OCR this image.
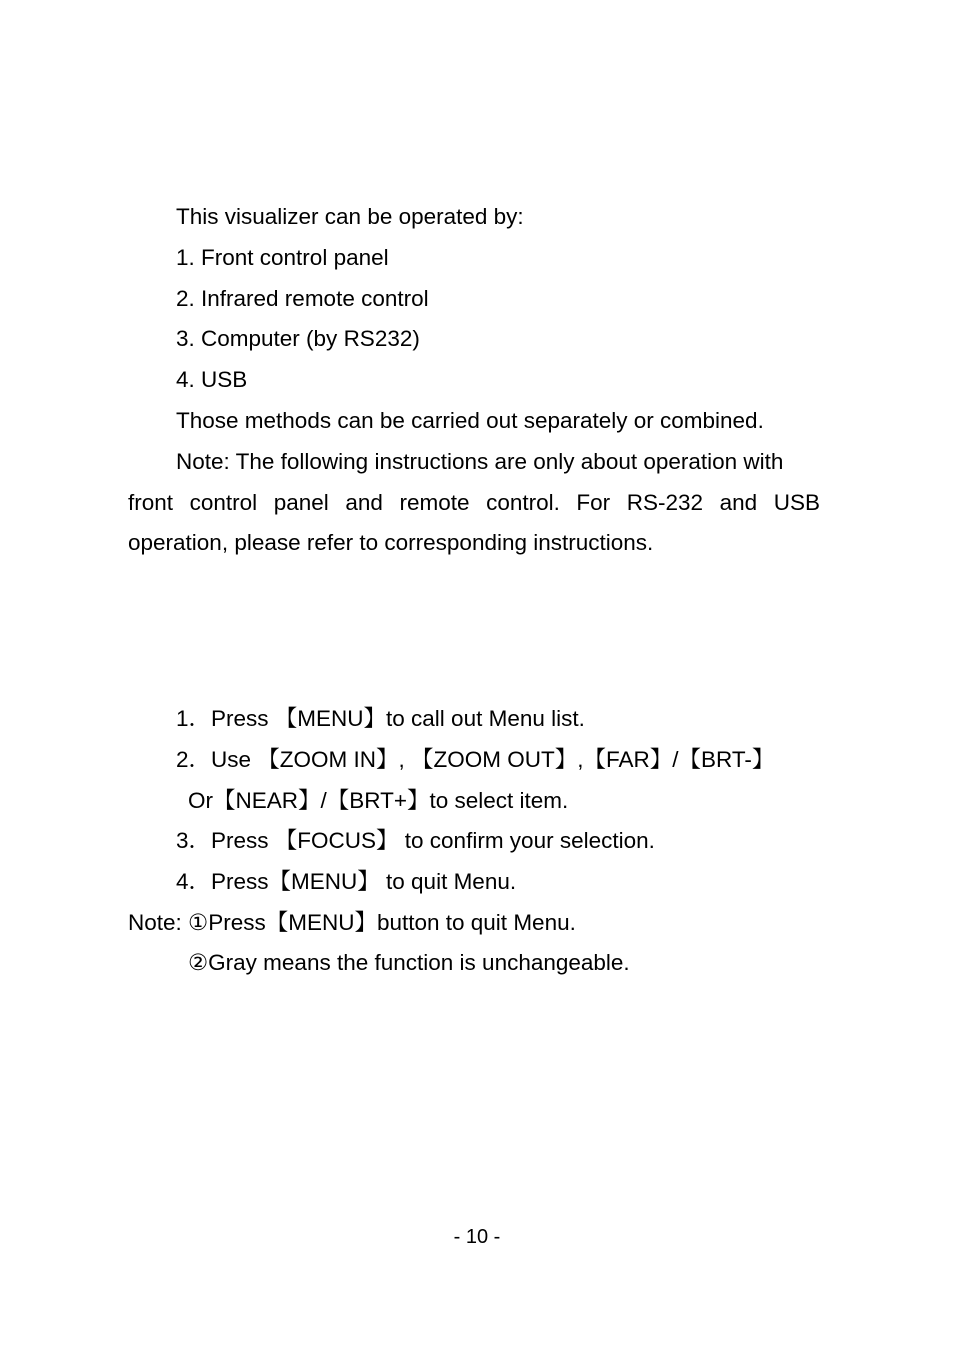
This visualizer can be operated by:
1. Front control panel
2. Infrared remote control
3. Computer (by RS232)
4. USB
Those methods can be carried out separately or combined.
Note: The following instructions are only about operation with
front control panel and remote control. For RS-232 and USB
operation, please refer to corresponding instructions.
1．Press 【MENU】to call out Menu list.
2．Use 【ZOOM IN】, 【ZOOM OUT】,【FAR】/【BRT-】
Or【NEAR】/【BRT+】to select item.
3．Press 【FOCUS】 to confirm your selection.
4．Press【MENU】 to quit Menu.
Note: ①Press【MENU】button to quit Menu.
②Gray means the function is unchangeable.
- 10 -
